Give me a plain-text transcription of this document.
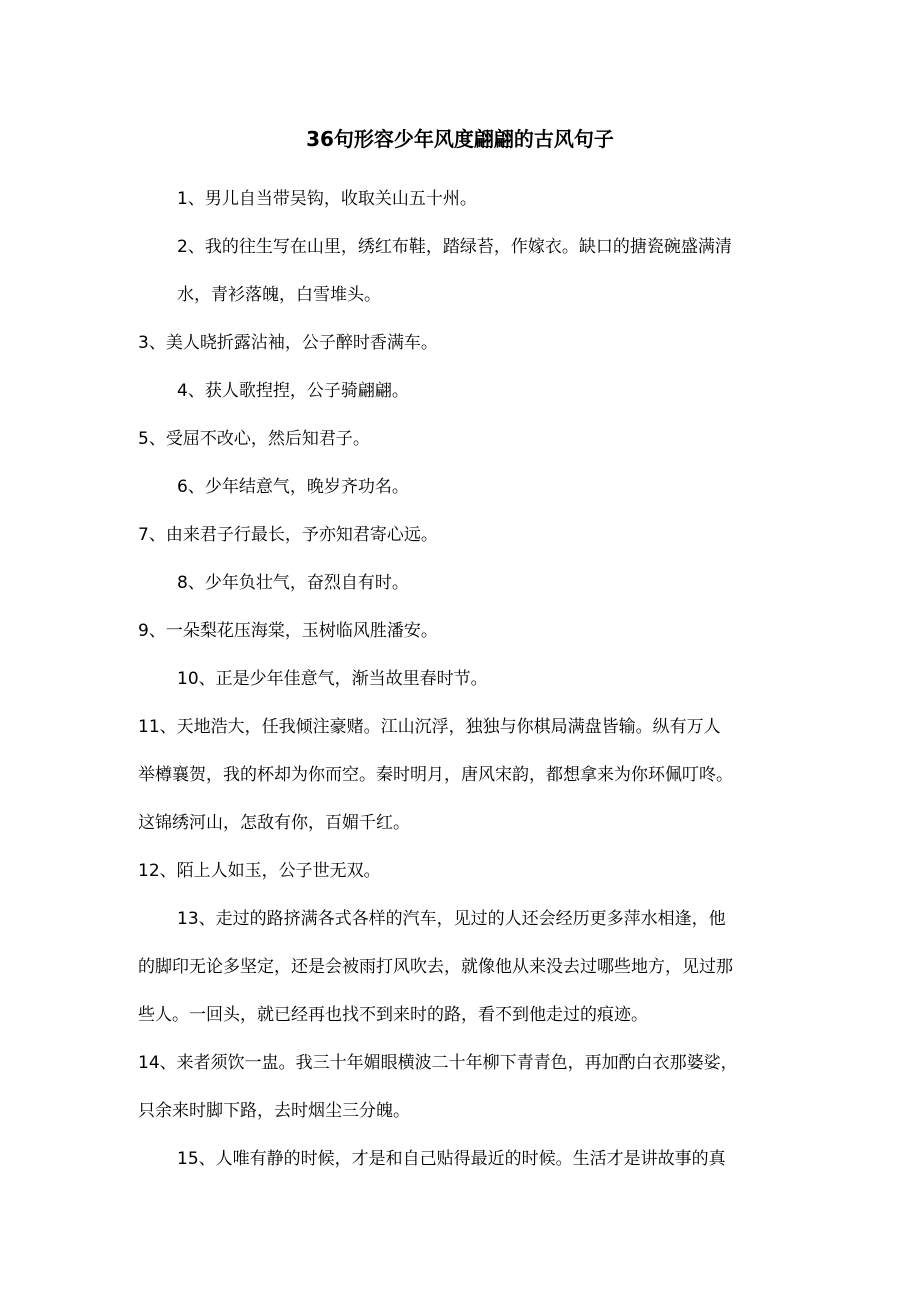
36句形容少年风度翩翩的古风句子

1、男儿自当带吴钩，收取关山五十州。

2、我的往生写在山里，绣红布鞋，踏绿苔，作嫁衣。缺口的搪瓷碗盛满清
水，青衫落魄，白雪堆头。

3、美人晓折露沾袖，公子醉时香满车。

4、获人歌揑揑，公子骑翩翩。

5、受屈不改心，然后知君子。

6、少年结意气，晚岁齐功名。

7、由来君子行最长，予亦知君寄心远。

8、少年负壮气，奋烈自有时。

9、一朵梨花压海棠，玉树临风胜潘安。

10、正是少年佳意气，渐当故里春时节。

11、天地浩大，任我倾注豪赌。江山沉浮，独独与你棋局满盘皆输。纵有万人
举樽襄贺，我的杯却为你而空。秦时明月，唐风宋韵，都想拿来为你环佩叮咚。
这锦绣河山，怎敌有你，百媚千红。

12、陌上人如玉，公子世无双。

13、走过的路挤满各式各样的汽车，见过的人还会经历更多萍水相逢，他
的脚印无论多坚定，还是会被雨打风吹去，就像他从来没去过哪些地方，见过那
些人。一回头，就已经再也找不到来时的路，看不到他走过的痕迹。

14、来者须饮一盅。我三十年媚眼横波二十年柳下青青色，再加酌白衣那婆娑，
只余来时脚下路，去时烟尘三分魄。

15、人唯有静的时候，才是和自己贴得最近的时候。生活才是讲故事的真
